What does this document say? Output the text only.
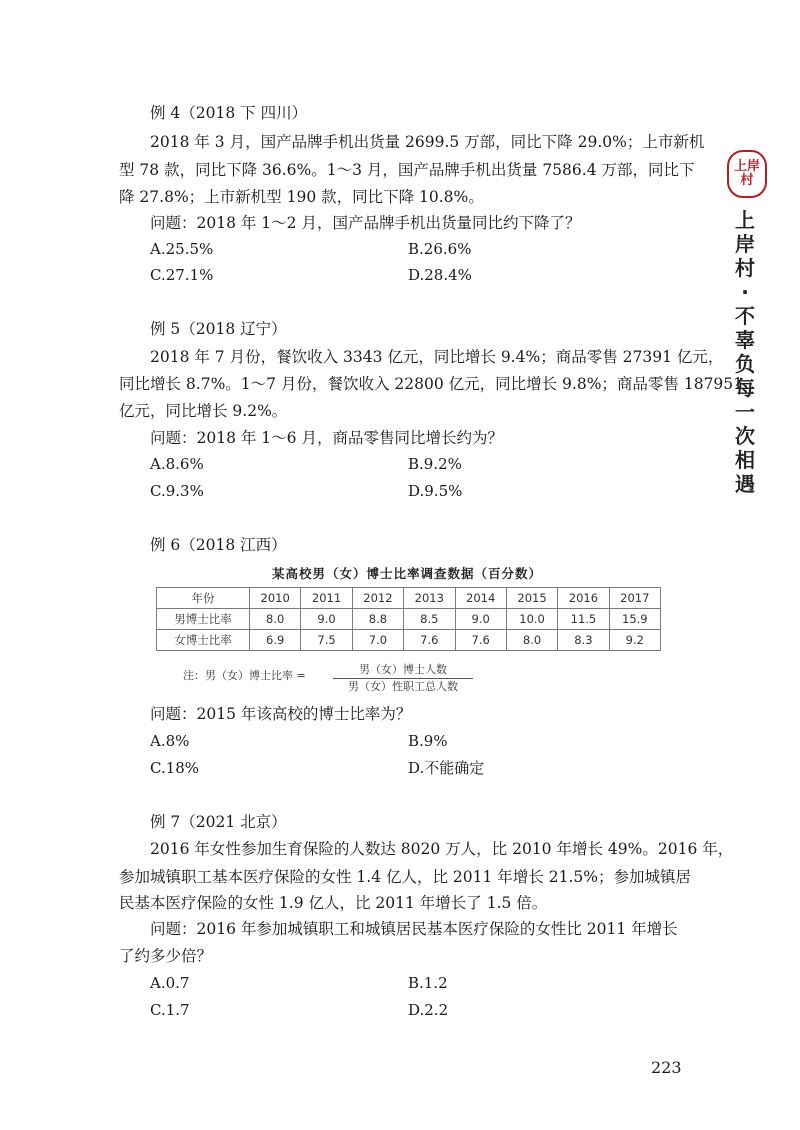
上岸
村
上
岸
村
·
不
辜
负
每
一
次
相
遇
例 4（2018 下 四川）
2018 年 3 月，国产品牌手机出货量 2699.5 万部，同比下降 29.0%；上市新机
型 78 款，同比下降 36.6%。1～3 月，国产品牌手机出货量 7586.4 万部，同比下
降 27.8%；上市新机型 190 款，同比下降 10.8%。
问题：2018 年 1～2 月，国产品牌手机出货量同比约下降了？
A.25.5%	B.26.6%
C.27.1%	D.28.4%
例 5（2018 辽宁）
2018 年 7 月份，餐饮收入 3343 亿元，同比增长 9.4%；商品零售 27391 亿元，
同比增长 8.7%。1～7 月份，餐饮收入 22800 亿元，同比增长 9.8%；商品零售 187951
亿元，同比增长 9.2%。
问题：2018 年 1～6 月，商品零售同比增长约为？
A.8.6%	B.9.2%
C.9.3%	D.9.5%
例 6（2018 江西）
某高校男（女）博士比率调查数据（百分数）
年份	2010	2011	2012	2013	2014	2015	2016	2017
男博士比率	8.0	9.0	8.8	8.5	9.0	10.0	11.5	15.9
女博士比率	6.9	7.5	7.0	7.6	7.6	8.0	8.3	9.2
注：男（女）博士比率 =	男（女）博士人数
男（女）性职工总人数
问题：2015 年该高校的博士比率为？
A.8%	B.9%
C.18%	D.不能确定
例 7（2021 北京）
2016 年女性参加生育保险的人数达 8020 万人，比 2010 年增长 49%。2016 年，
参加城镇职工基本医疗保险的女性 1.4 亿人，比 2011 年增长 21.5%；参加城镇居
民基本医疗保险的女性 1.9 亿人，比 2011 年增长了 1.5 倍。
问题：2016 年参加城镇职工和城镇居民基本医疗保险的女性比 2011 年增长
了约多少倍？
A.0.7	B.1.2
C.1.7	D.2.2
223
